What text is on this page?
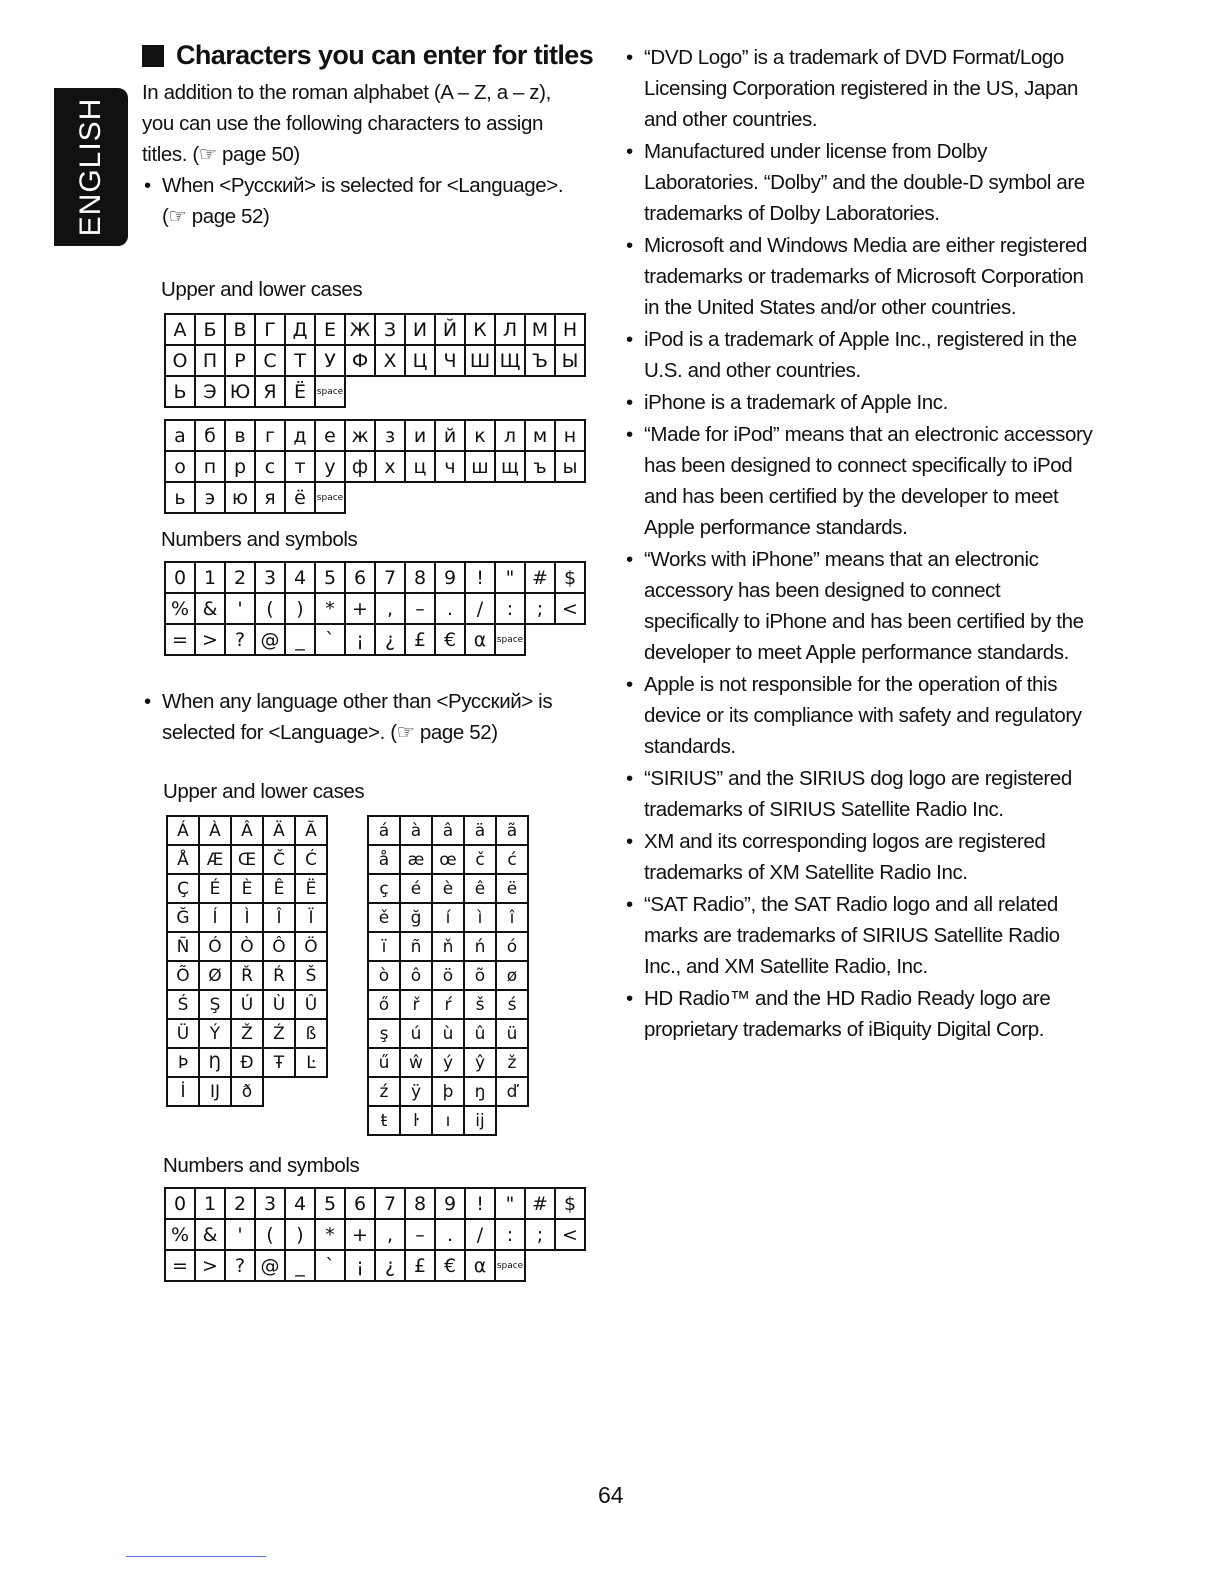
ENGLISH
Characters you can enter for titles

In addition to the roman alphabet (A – Z, a – z), you can use the following characters to assign titles. (☞ page 50)

• When <Русский> is selected for <Language>. (☞ page 52)

Upper and lower cases
А	Б	В	Г	Д	Е	Ж	З	И	Й	К	Л	М	Н
О	П	Р	С	Т	У	Ф	Х	Ц	Ч	Ш	Щ	Ъ	Ы
Ь	Э	Ю	Я	Ё	space								
а	б	в	г	д	е	ж	з	и	й	к	л	м	н
о	п	р	с	т	у	ф	х	ц	ч	ш	щ	ъ	ы
ь	э	ю	я	ё	space								
Numbers and symbols
0	1	2	3	4	5	6	7	8	9	!	"	#	$
%	&	'	(	)	*	+	,	–	.	/	:	;	<
=	>	?	@	_	`	¡	¿	£	€	α	space		

• When any language other than <Русский> is selected for <Language>. (☞ page 52)

Upper and lower cases
Á	À	Â	Ä	Ã
Å	Æ	Œ	Č	Ć
Ç	É	È	Ê	Ë
Ğ	Í	Ì	Î	Ï
Ñ	Ó	Ò	Ô	Ö
Õ	Ø	Ř	Ŕ	Š
Ś	Ş	Ú	Ù	Û
Ü	Ý	Ž	Ź	ß
Þ	Ŋ	Đ	Ŧ	Ŀ
İ	Ĳ	ð		
á	à	â	ä	ã
å	æ	œ	č	ć
ç	é	è	ê	ë
ě	ğ	í	ì	î
ï	ñ	ň	ń	ó
ò	ô	ö	õ	ø
ő	ř	ŕ	š	ś
ş	ú	ù	û	ü
ű	ŵ	ý	ŷ	ž
ź	ÿ	þ	ŋ	ď
ŧ	ŀ	ı	ĳ	
Numbers and symbols
0	1	2	3	4	5	6	7	8	9	!	"	#	$
%	&	'	(	)	*	+	,	–	.	/	:	;	<
=	>	?	@	_	`	¡	¿	£	€	α	space		

• “DVD Logo” is a trademark of DVD Format/Logo Licensing Corporation registered in the US, Japan and other countries.

• Manufactured under license from Dolby Laboratories. “Dolby” and the double-D symbol are trademarks of Dolby Laboratories.

• Microsoft and Windows Media are either registered trademarks or trademarks of Microsoft Corporation in the United States and/or other countries.

• iPod is a trademark of Apple Inc., registered in the U.S. and other countries.

• iPhone is a trademark of Apple Inc.

• “Made for iPod” means that an electronic accessory has been designed to connect specifically to iPod and has been certified by the developer to meet Apple performance standards.

• “Works with iPhone” means that an electronic accessory has been designed to connect specifically to iPhone and has been certified by the developer to meet Apple performance standards.

• Apple is not responsible for the operation of this device or its compliance with safety and regulatory standards.

• “SIRIUS” and the SIRIUS dog logo are registered trademarks of SIRIUS Satellite Radio Inc.

• XM and its corresponding logos are registered trademarks of XM Satellite Radio Inc.

• “SAT Radio”, the SAT Radio logo and all related marks are trademarks of SIRIUS Satellite Radio Inc., and XM Satellite Radio, Inc.

• HD Radio™ and the HD Radio Ready logo are proprietary trademarks of iBiquity Digital Corp.

64
